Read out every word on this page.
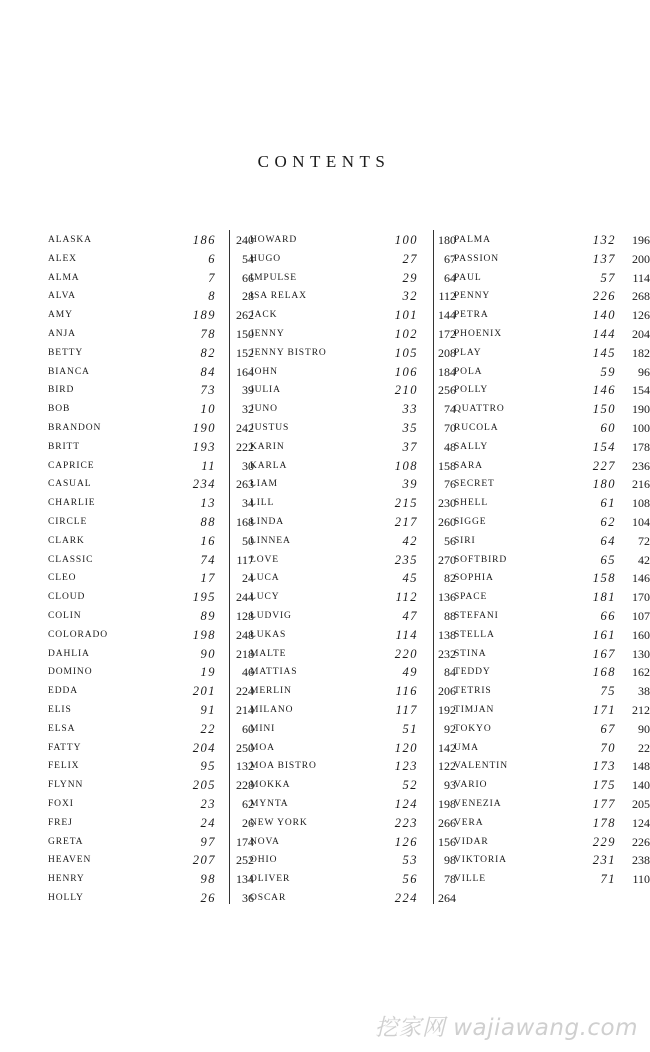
CONTENTS
ALASKA	186	240
ALEX	6	54
ALMA	7	66
ALVA	8	28
AMY	189	262
ANJA	78	150
BETTY	82	152
BIANCA	84	164
BIRD	73	39
BOB	10	32
BRANDON	190	242
BRITT	193	222
CAPRICE	11	30
CASUAL	234	263
CHARLIE	13	34
CIRCLE	88	168
CLARK	16	50
CLASSIC	74	117
CLEO	17	24
CLOUD	195	244
COLIN	89	128
COLORADO	198	248
DAHLIA	90	218
DOMINO	19	46
EDDA	201	224
ELIS	91	214
ELSA	22	60
FATTY	204	250
FELIX	95	132
FLYNN	205	228
FOXI	23	62
FREJ	24	26
GRETA	97	174
HEAVEN	207	252
HENRY	98	134
HOLLY	26	36
HOWARD	100	180
HUGO	27	67
IMPULSE	29	64
ISA RELAX	32	112
JACK	101	144
JENNY	102	172
JENNY BISTRO	105	208
JOHN	106	184
JULIA	210	256
JUNO	33	74
JUSTUS	35	70
KARIN	37	48
KARLA	108	158
LIAM	39	76
LILL	215	230
LINDA	217	260
LINNEA	42	56
LOVE	235	270
LUCA	45	82
LUCY	112	136
LUDVIG	47	88
LUKAS	114	138
MALTE	220	232
MATTIAS	49	84
MERLIN	116	206
MILANO	117	192
MINI	51	92
MOA	120	142
MOA BISTRO	123	122
MOKKA	52	93
MYNTA	124	198
NEW YORK	223	266
NOVA	126	156
OHIO	53	98
OLIVER	56	78
OSCAR	224	264
PALMA	132	196
PASSION	137	200
PAUL	57	114
PENNY	226	268
PETRA	140	126
PHOENIX	144	204
PLAY	145	182
POLA	59	96
POLLY	146	154
QUATTRO	150	190
RUCOLA	60	100
SALLY	154	178
SARA	227	236
SECRET	180	216
SHELL	61	108
SIGGE	62	104
SIRI	64	72
SOFTBIRD	65	42
SOPHIA	158	146
SPACE	181	170
STEFANI	66	107
STELLA	161	160
STINA	167	130
TEDDY	168	162
TETRIS	75	38
TIMJAN	171	212
TOKYO	67	90
UMA	70	22
VALENTIN	173	148
VARIO	175	140
VENEZIA	177	205
VERA	178	124
VIDAR	229	226
VIKTORIA	231	238
VILLE	71	110
挖家网 wajiawang.com
